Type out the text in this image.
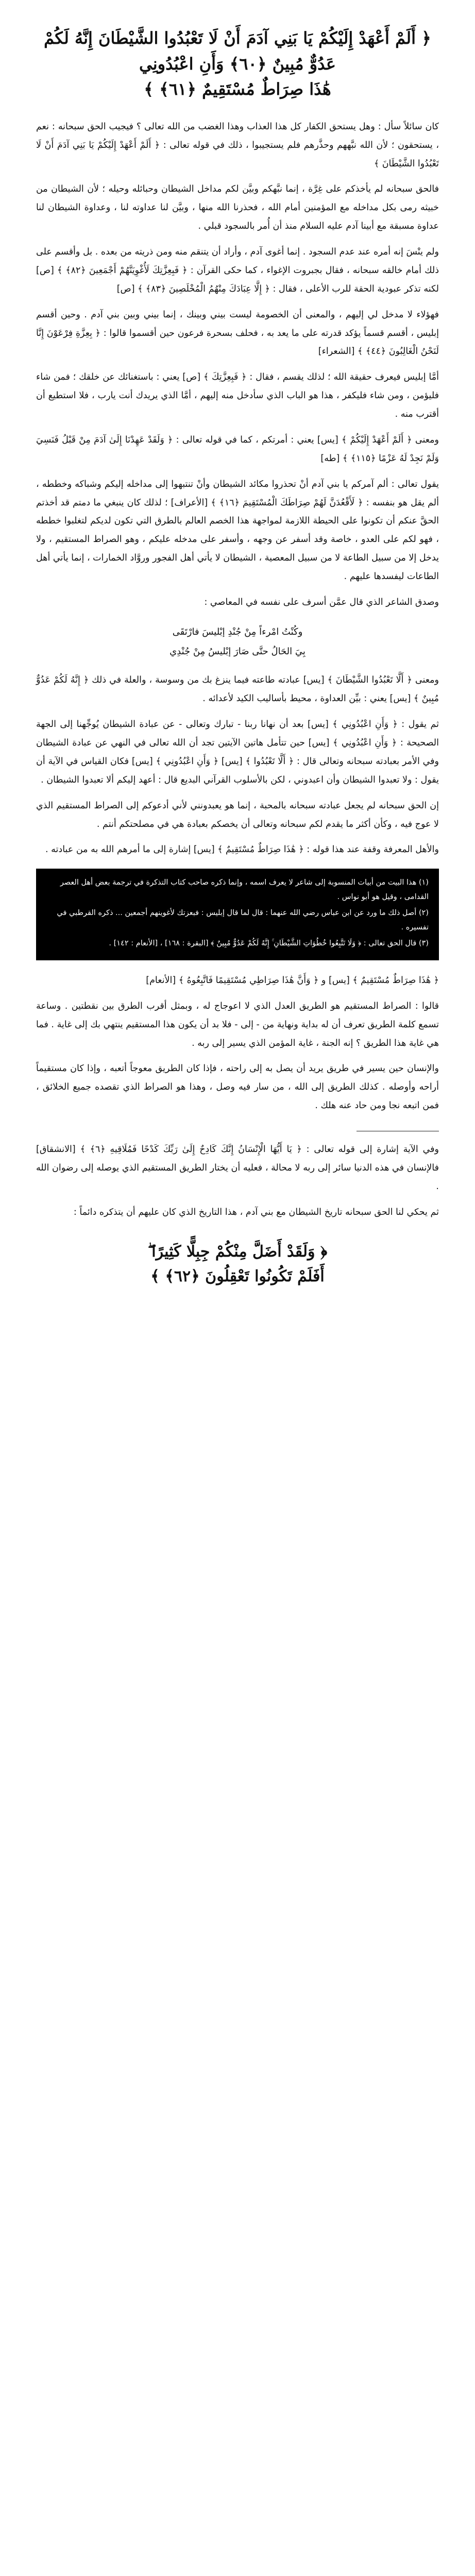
﴿ أَلَمْ أَعْهَدْ إِلَيْكُمْ يَا بَنِي آدَمَ أَنْ لَا تَعْبُدُوا الشَّيْطَانَ إِنَّهُ لَكُمْ عَدُوٌّ مُبِينٌ ﴿٦٠﴾ وَأَنِ اعْبُدُونِي
هَٰذَا صِرَاطٌ مُسْتَقِيمٌ ﴿٦١﴾ ﴾

كان سائلاً سأل : وهل يستحق الكفار كل هذا العذاب وهذا الغضب من الله تعالى ؟ فيجيب الحق سبحانه : نعم ، يستحقون ؛ لأن الله نبَّههم وحذَّرهم فلم يستجيبوا ، ذلك في قوله تعالى : ﴿ أَلَمْ أَعْهَدْ إِلَيْكُمْ يَا بَنِي آدَمَ أَنْ لَا تَعْبُدُوا الشَّيْطَانَ ﴾

فالحق سبحانه لم يأخذكم على غِرَّة ، إنما نبَّهكم وبيَّن لكم مداخل الشيطان وحبائله وحيله ؛ لأن الشيطان من خبيثه رمى بكل مداخله مع المؤمنين أمام الله ، فحذرنا الله منها ، وبيَّن لنا عداوته لنا ، وعداوة الشيطان لنا عداوة مسبقة مع أبينا آدم عليه السلام منذ أن أُمر بالسجود قبلي .

ولم ينْسَ إنه أمره عند عدم السجود . إنما أغوى آدم ، وأراد أن يتنقم منه ومن ذريته من بعده . بل وأقسم على ذلك أمام خالقه سبحانه ، فقال بجبروت الإغواء ، كما حكى القرآن : ﴿ فَبِعِزَّتِكَ لَأُغْوِيَنَّهُمْ أَجْمَعِينَ ﴿٨٢﴾ ﴾ [ص] لكنه تذكر عبودية الحقة للرب الأعلى ، فقال : ﴿ إِلَّا عِبَادَكَ مِنْهُمُ الْمُخْلَصِينَ ﴿٨٣﴾ ﴾ [ص]

فهؤلاء لا مدخل لي إليهم ، والمعنى أن الخصومة ليست بيني وبينك ، إنما بيني وبين بني آدم . وحين أقسم إبليس ، أقسم قسماً يؤكد قدرته على ما يعد به ، فحلف بسحرة فرعون حين أقسموا قالوا : ﴿ بِعِزَّةِ فِرْعَوْنَ إِنَّا لَنَحْنُ الْغَالِبُونَ ﴿٤٤﴾ ﴾ [الشعراء]

أمَّا إبليس فيعرف حقيقة الله ؛ لذلك يقسم ، فقال : ﴿ فَبِعِزَّتِكَ ﴾ [ص] يعني : باستغنائك عن خلقك ؛ فمن شاء فليؤمن ، ومن شاء فليكفر ، هذا هو الباب الذي سأدخل منه إليهم ، أمَّا الذي يريدك أنت يارب ، فلا استطيع أن أقترب منه .

ومعنى ﴿ أَلَمْ أَعْهَدْ إِلَيْكُمْ ﴾ [يس] يعني : أمرتكم ، كما في قوله تعالى : ﴿ وَلَقَدْ عَهِدْنَا إِلَىٰ آدَمَ مِنْ قَبْلُ فَنَسِيَ وَلَمْ نَجِدْ لَهُ عَزْمًا ﴿١١٥﴾ ﴾ [طه]

يقول تعالى : ألم آمركم يا بني آدم أنْ تحذروا مكائد الشيطان وأنْ تنتبهوا إلى مداخله إليكم وشباكه وخططه ، ألم يقل هو بنفسه : ﴿ لَأَقْعُدَنَّ لَهُمْ صِرَاطَكَ الْمُسْتَقِيمَ ﴿١٦﴾ ﴾ [الأعراف] ؛ لذلك كان ينبغي ما دمتم قد أخذتم الحقَّ عنكم أن تكونوا على الحيطة اللازمة لمواجهة هذا الخصم العالم بالطرق التي تكون لديكم لتغلبوا خططه ، فهو لكم على العدو ، خاصة وقد أسفر عن وجهه ، وأسفر على مدخله عليكم ، وهو الصراط المستقيم ، ولا يدخل إلا من سبيل الطاعة لا من سبيل المعصية ، الشيطان لا يأتي أهل الفجور وروَّاد الخمارات ، إنما يأتي أهل الطاعات ليفسدها عليهم .

وصدق الشاعر الذي قال عمَّن أسرف على نفسه في المعاصي :

وكُنْتُ امْرءاً مِنْ جُنْدِ إبْليسَ فارْتَقَى
بِيَ الحَالُ حتَّى صَارَ إبْليسُ مِنْ جُنْدِي

ومعنى ﴿ أَلَّا تَعْبُدُوا الشَّيْطَانَ ﴾ [يس] عبادته طاعته فيما ينزغ بك من وسوسة ، والعلة في ذلك ﴿ إِنَّهُ لَكُمْ عَدُوٌّ مُبِينٌ ﴾ [يس] يعني : بيِّن العداوة ، محيط بأساليب الكيد لأعدائه .

ثم يقول : ﴿ وَأَنِ اعْبُدُونِي ﴾ [يس] بعد أن نهانا ربنا - تبارك وتعالى - عن عبادة الشيطان يُوجِّهنا إلى الجهة الصحيحة : ﴿ وَأَنِ اعْبُدُونِي ﴾ [يس] حين تتأمل هاتين الآيتين تجد أن الله تعالى في النهي عن عبادة الشيطان وفي الأمر بعبادته سبحانه وتعالى قال : ﴿ أَلَّا تَعْبُدُوا ﴾ [يس] ﴿ وَأَنِ اعْبُدُونِي ﴾ [يس] فكان القياس في الآية أن يقول : ولا تعبدوا الشيطان وأن اعبدوني ، لكن بالأسلوب القرآني البديع قال : أعهد إليكم ألا تعبدوا الشيطان .

إن الحق سبحانه لم يجعل عبادته سبحانه بالمحبة ، إنما هو يعبدونني لأني أدعوكم إلى الصراط المستقيم الذي لا عوج فيه ، وكأن أكثر ما يقدم لكم سبحانه وتعالى أن يخصكم بعبادة هي في مصلحتكم أنتم .

والأهل المعرفة وقفة عند هذا قوله : ﴿ هَٰذَا صِرَاطٌ مُسْتَقِيمٌ ﴾ [يس] إشارة إلى ما أمرهم الله به من عبادته .

(١) هذا البيت من أبيات المنسوبة إلى شاعر لا يعرف اسمه ، وإنما ذكره صاحب كتاب التذكرة في ترجمة بعض أهل العصر القدامى ، وقيل هو أبو نواس .
(٢) أصل ذلك ما ورد عن ابن عباس رضي الله عنهما : قال لما قال إبليس : فبعزتك لأغوينهم أجمعين ... ذكره القرطبي في تفسيره .
(٣) قال الحق تعالى : ﴿ وَلَا تَتَّبِعُوا خُطُوَاتِ الشَّيْطَانِ ۚ إِنَّهُ لَكُمْ عَدُوٌّ مُبِينٌ ﴾ [البقرة : ١٦٨] ، [الأنعام : ١٤٢] .

﴿ هَٰذَا صِرَاطٌ مُسْتَقِيمٌ ﴾ [يس] و ﴿ وَأَنَّ هَٰذَا صِرَاطِي مُسْتَقِيمًا فَاتَّبِعُوهُ ﴾ [الأنعام]

قالوا : الصراط المستقيم هو الطريق العدل الذي لا اعوجاج له ، وبمثل أقرب الطرق بين نقطتين . وساعة تسمع كلمة الطريق تعرف أن له بداية ونهاية من - إلى - فلا بد أن يكون هذا المستقيم ينتهي بك إلى غاية . فما هي غاية هذا الطريق ؟ إنه الجنة ، غاية المؤمن الذي يسير إلى ربه .

والإنسان حين يسير في طريق يريد أن يصل به إلى راحته ، فإذا كان الطريق معوجاً أتعبه ، وإذا كان مستقيماً أراحه وأوصله . كذلك الطريق إلى الله ، من سار فيه وصل ، وهذا هو الصراط الذي تقصده جميع الخلائق ، فمن اتبعه نجا ومن حاد عنه هلك .

وفي الآية إشارة إلى قوله تعالى : ﴿ يَا أَيُّهَا الْإِنْسَانُ إِنَّكَ كَادِحٌ إِلَىٰ رَبِّكَ كَدْحًا فَمُلَاقِيهِ ﴿٦﴾ ﴾ [الانشقاق] فالإنسان في هذه الدنيا سائر إلى ربه لا محالة ، فعليه أن يختار الطريق المستقيم الذي يوصله إلى رضوان الله .

ثم يحكي لنا الحق سبحانه تاريخ الشيطان مع بني آدم ، هذا التاريخ الذي كان عليهم أن يتذكره دائماً :

﴿ وَلَقَدْ أَضَلَّ مِنْكُمْ جِبِلًّا كَثِيرًا ۖ
أَفَلَمْ تَكُونُوا تَعْقِلُونَ ﴿٦٢﴾ ﴾
